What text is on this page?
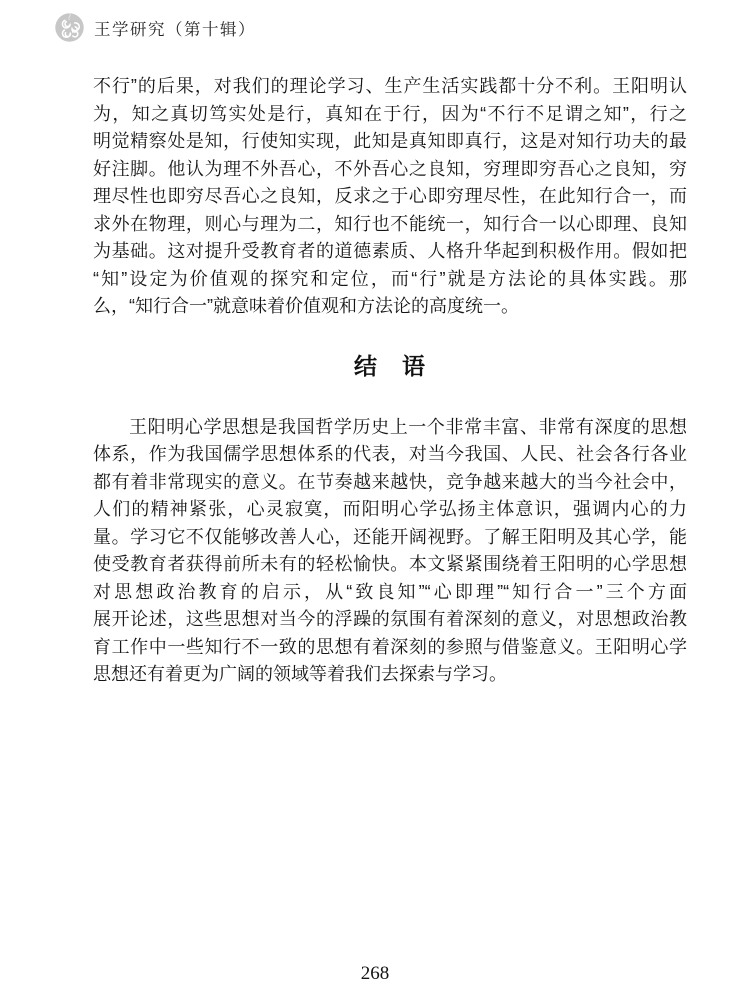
王学研究（第十辑）
不行”的后果，对我们的理论学习、生产生活实践都十分不利。王阳明认
为，知之真切笃实处是行，真知在于行，因为“不行不足谓之知”，行之
明觉精察处是知，行使知实现，此知是真知即真行，这是对知行功夫的最
好注脚。他认为理不外吾心，不外吾心之良知，穷理即穷吾心之良知，穷
理尽性也即穷尽吾心之良知，反求之于心即穷理尽性，在此知行合一，而
求外在物理，则心与理为二，知行也不能统一，知行合一以心即理、良知
为基础。这对提升受教育者的道德素质、人格升华起到积极作用。假如把
“知”设定为价值观的探究和定位，而“行”就是方法论的具体实践。那
么，“知行合一”就意味着价值观和方法论的高度统一。
结　语
王阳明心学思想是我国哲学历史上一个非常丰富、非常有深度的思想
体系，作为我国儒学思想体系的代表，对当今我国、人民、社会各行各业
都有着非常现实的意义。在节奏越来越快，竞争越来越大的当今社会中，
人们的精神紧张，心灵寂寞，而阳明心学弘扬主体意识，强调内心的力
量。学习它不仅能够改善人心，还能开阔视野。了解王阳明及其心学，能
使受教育者获得前所未有的轻松愉快。本文紧紧围绕着王阳明的心学思想
对思想政治教育的启示，从“致良知”“心即理”“知行合一”三个方面
展开论述，这些思想对当今的浮躁的氛围有着深刻的意义，对思想政治教
育工作中一些知行不一致的思想有着深刻的参照与借鉴意义。王阳明心学
思想还有着更为广阔的领域等着我们去探索与学习。
268
